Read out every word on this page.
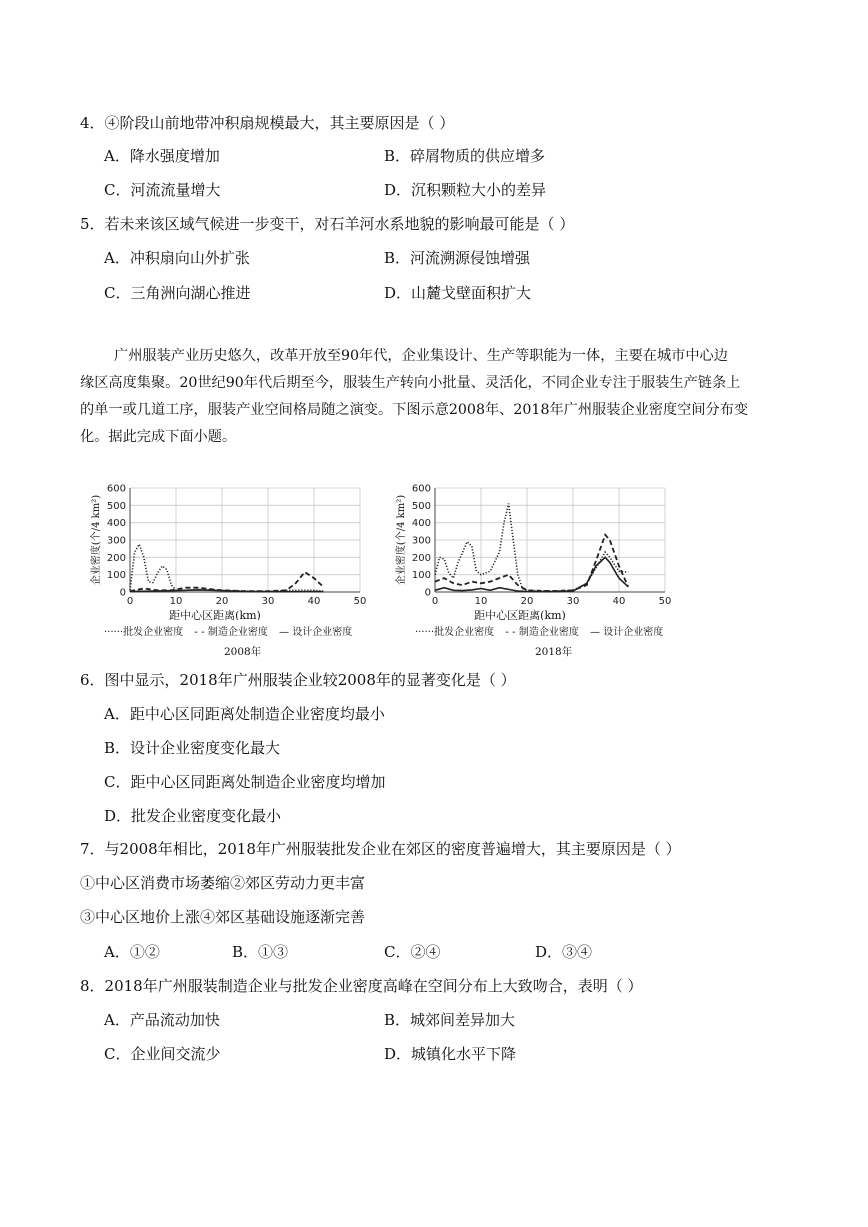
4．④阶段山前地带冲积扇规模最大，其主要原因是（ ）
A．降水强度增加	B．碎屑物质的供应增多
C．河流流量增大	D．沉积颗粒大小的差异
5．若未来该区域气候进一步变干，对石羊河水系地貌的影响最可能是（ ）
A．冲积扇向山外扩张	B．河流溯源侵蚀增强
C．三角洲向湖心推进	D．山麓戈壁面积扩大
广州服装产业历史悠久，改革开放至90年代，企业集设计、生产等职能为一体，主要在城市中心边
缘区高度集聚。20世纪90年代后期至今，服装生产转向小批量、灵活化，不同企业专注于服装生产链条上
的单一或几道工序，服装产业空间格局随之演变。下图示意2008年、2018年广州服装企业密度空间分布变
化。据此完成下面小题。
0
100
200
300
400
500
600
0	10	20	30	40	50
距中心区距离(km)
企业密度(个/4 km²)
0
100
200
300
400
500
600
0	10	20	30	40	50
距中心区距离(km)
企业密度(个/4 km²)
······批发企业密度 - - 制造企业密度 — 设计企业密度	······批发企业密度 - - 制造企业密度 — 设计企业密度
2008年	2018年
6．图中显示，2018年广州服装企业较2008年的显著变化是（ ）
A．距中心区同距离处制造企业密度均最小
B．设计企业密度变化最大
C．距中心区同距离处制造企业密度均增加
D．批发企业密度变化最小
7．与2008年相比，2018年广州服装批发企业在郊区的密度普遍增大，其主要原因是（ ）
①中心区消费市场萎缩②郊区劳动力更丰富
③中心区地价上涨④郊区基础设施逐渐完善
A．①②	B．①③	C．②④	D．③④
8．2018年广州服装制造企业与批发企业密度高峰在空间分布上大致吻合，表明（ ）
A．产品流动加快	B．城郊间差异加大
C．企业间交流少	D．城镇化水平下降
